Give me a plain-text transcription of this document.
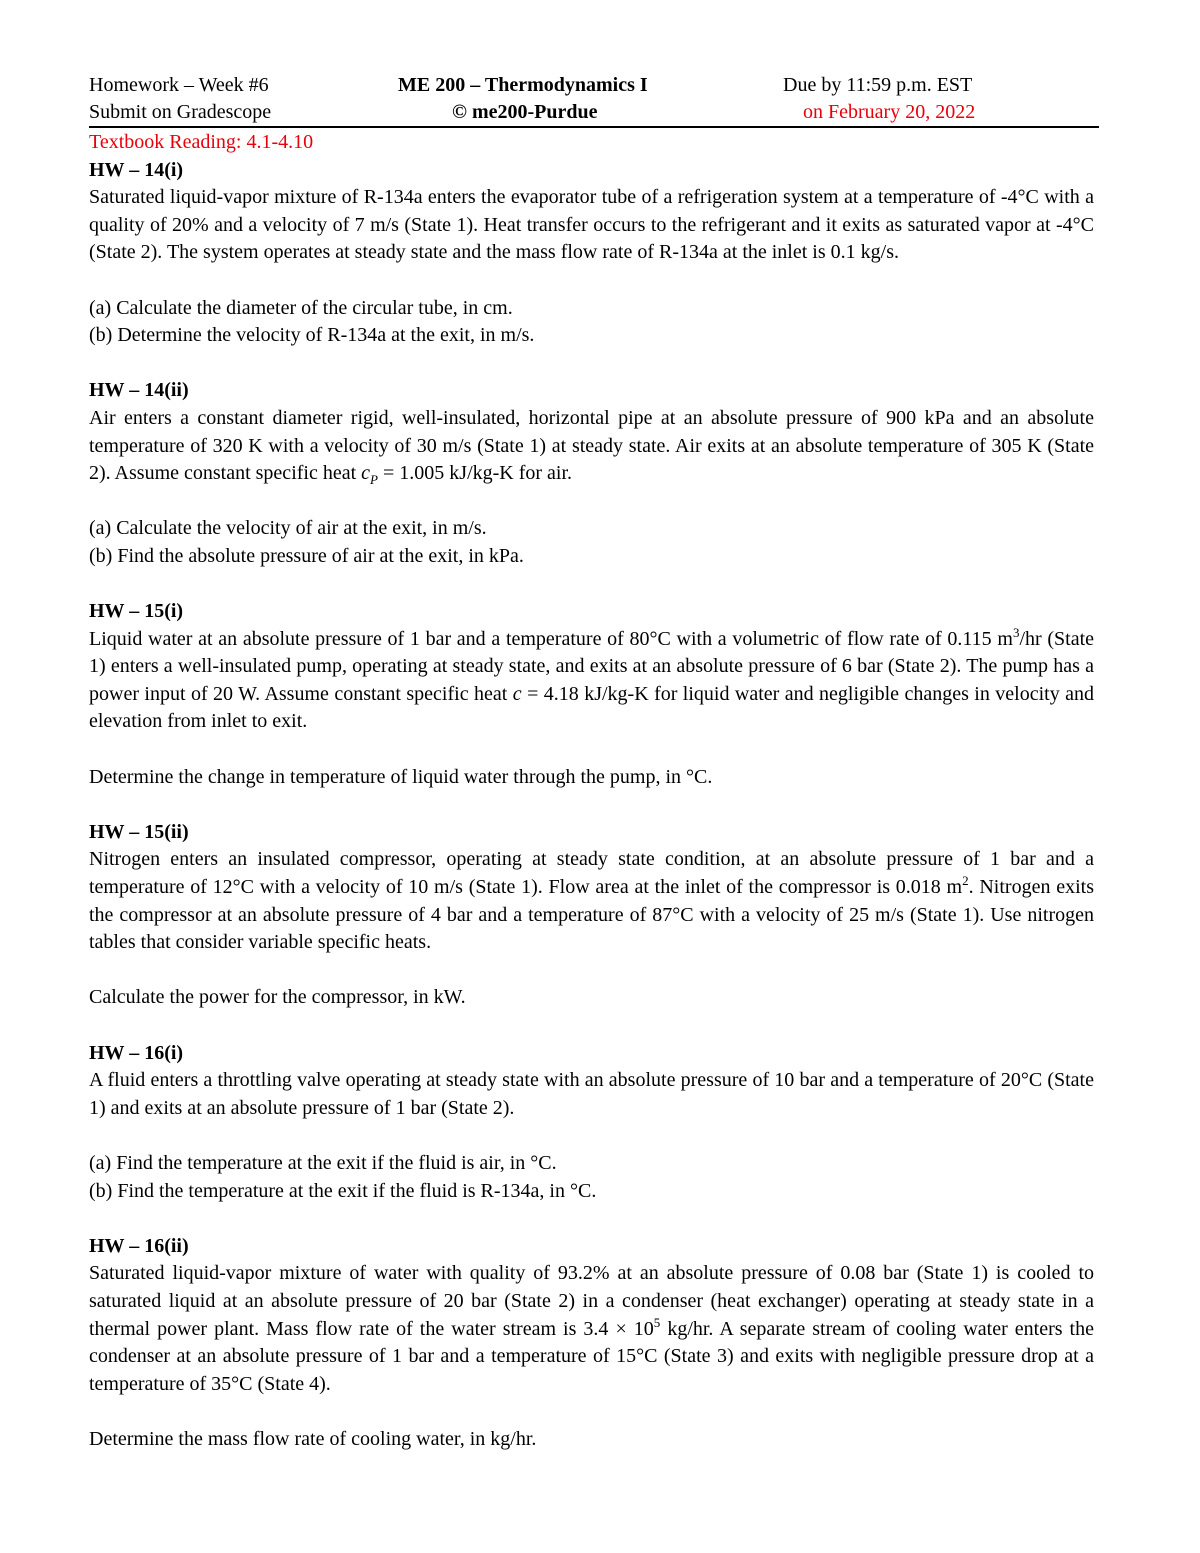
Homework – Week #6
Submit on Gradescope
ME 200 – Thermodynamics I
© me200-Purdue
Due by 11:59 p.m. EST
on February 20, 2022
Textbook Reading: 4.1-4.10
HW – 14(i)
Saturated liquid-vapor mixture of R-134a enters the evaporator tube of a refrigeration system at a temperature of -4°C with a quality of 20% and a velocity of 7 m/s (State 1). Heat transfer occurs to the refrigerant and it exits as saturated vapor at -4°C (State 2). The system operates at steady state and the mass flow rate of R-134a at the inlet is 0.1 kg/s.
(a) Calculate the diameter of the circular tube, in cm.
(b) Determine the velocity of R-134a at the exit, in m/s.
HW – 14(ii)
Air enters a constant diameter rigid, well-insulated, horizontal pipe at an absolute pressure of 900 kPa and an absolute temperature of 320 K with a velocity of 30 m/s (State 1) at steady state. Air exits at an absolute temperature of 305 K (State 2). Assume constant specific heat $c_P = 1.005$ kJ/kg-K for air.
(a) Calculate the velocity of air at the exit, in m/s.
(b) Find the absolute pressure of air at the exit, in kPa.
HW – 15(i)
Liquid water at an absolute pressure of 1 bar and a temperature of 80°C with a volumetric of flow rate of 0.115 $m^3/hr$ (State 1) enters a well-insulated pump, operating at steady state, and exits at an absolute pressure of 6 bar (State 2). The pump has a power input of 20 W. Assume constant specific heat c = 4.18 kJ/kg-K for liquid water and negligible changes in velocity and elevation from inlet to exit.
Determine the change in temperature of liquid water through the pump, in °C.
HW – 15(ii)
Nitrogen enters an insulated compressor, operating at steady state condition, at an absolute pressure of 1 bar and a temperature of 12°C with a velocity of 10 m/s (State 1). Flow area at the inlet of the compressor is 0.018 $m^2$. Nitrogen exits the compressor at an absolute pressure of 4 bar and a temperature of 87°C with a velocity of 25 m/s (State 1). Use nitrogen tables that consider variable specific heats.
Calculate the power for the compressor, in kW.
HW – 16(i)
A fluid enters a throttling valve operating at steady state with an absolute pressure of 10 bar and a temperature of 20°C (State 1) and exits at an absolute pressure of 1 bar (State 2).
(a) Find the temperature at the exit if the fluid is air, in °C.
(b) Find the temperature at the exit if the fluid is R-134a, in °C.
HW – 16(ii)
Saturated liquid-vapor mixture of water with quality of 93.2% at an absolute pressure of 0.08 bar (State 1) is cooled to saturated liquid at an absolute pressure of 20 bar (State 2) in a condenser (heat exchanger) operating at steady state in a thermal power plant. Mass flow rate of the water stream is $3.4 \times 10^5$ kg/hr. A separate stream of cooling water enters the condenser at an absolute pressure of 1 bar and a temperature of 15°C (State 3) and exits with negligible pressure drop at a temperature of 35°C (State 4).
Determine the mass flow rate of cooling water, in kg/hr.
